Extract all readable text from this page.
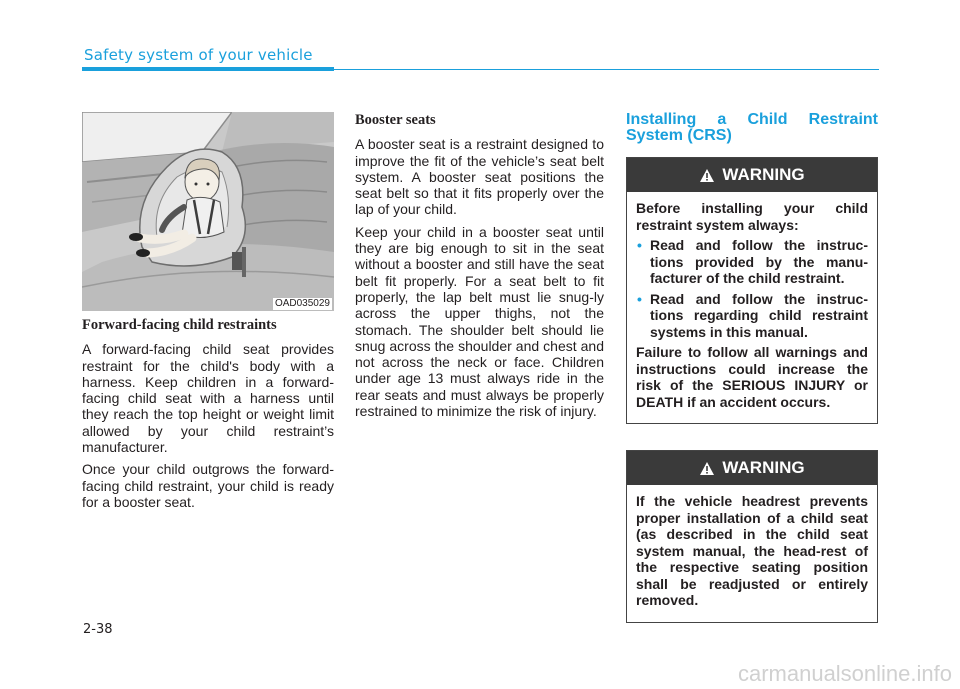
Safety system of your vehicle
OAD035029
Forward-facing child restraints

A forward-facing child seat provides restraint for the child's body with a harness. Keep children in a forward-facing child seat with a harness until they reach the top height or weight limit allowed by your child restraint’s manufacturer.

Once your child outgrows the forward-facing child restraint, your child is ready for a booster seat.

Booster seats

A booster seat is a restraint designed to improve the fit of the vehicle’s seat belt system. A booster seat positions the seat belt so that it fits properly over the lap of your child.

Keep your child in a booster seat until they are big enough to sit in the seat without a booster and still have the seat belt fit properly. For a seat belt to fit properly, the lap belt must lie snug-ly across the upper thighs, not the stomach. The shoulder belt should lie snug across the shoulder and chest and not across the neck or face. Children under age 13 must always ride in the rear seats and must always be properly restrained to minimize the risk of injury.

Installing a Child Restraint System (CRS)
WARNING

Before installing your child restraint system always:

• Read and follow the instruc-tions provided by the manu-facturer of the child restraint.
• Read and follow the instruc-tions regarding child restraint systems in this manual.

Failure to follow all warnings and instructions could increase the risk of the SERIOUS INJURY or DEATH if an accident occurs.

WARNING

If the vehicle headrest prevents proper installation of a child seat (as described in the child seat system manual, the head-rest of the respective seating position shall be readjusted or entirely removed.

2-38
carmanualsonline.info
